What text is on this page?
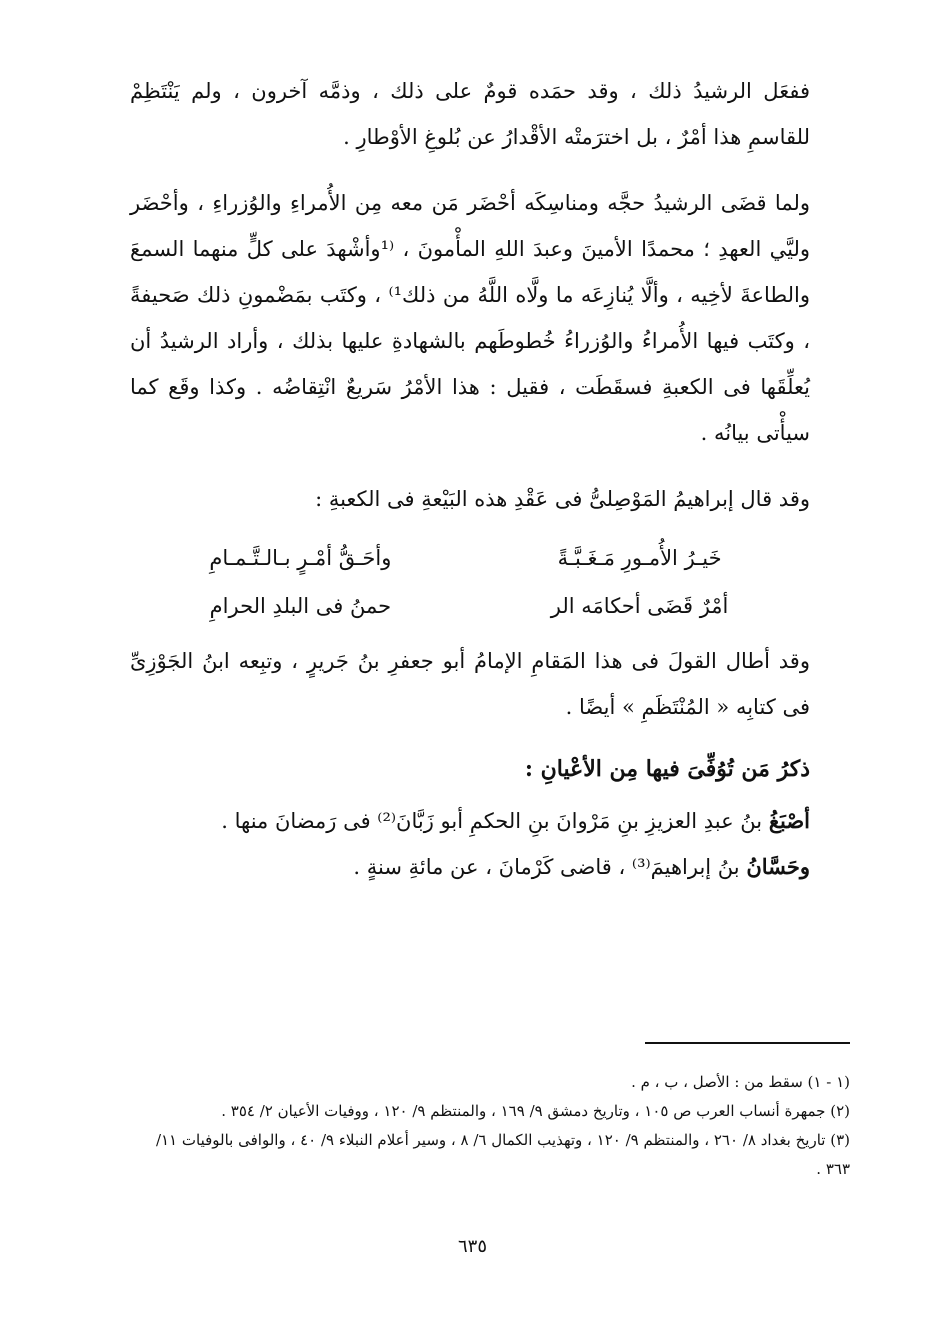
ففعَل الرشيدُ ذلك ، وقد حمَده قومٌ على ذلك ، وذمَّه آخرون ، ولم يَنْتَظِمْ للقاسمِ هذا أمْرٌ ، بل اخترَمتْه الأقْدارُ عن بُلوغِ الأوْطارِ .

ولما قضَى الرشيدُ حجَّه ومناسِكَه أحْضَر مَن معه مِن الأُمراءِ والوُزراءِ ، وأحْضَر وليَّي العهدِ ؛ محمدًا الأمينَ وعبدَ اللهِ المأْمونَ ، ⁽¹وأشْهدَ على كلٍّ منهما السمعَ والطاعةَ لأخِيه ، وألَّا يُنازِعَه ما ولَّاه اللَّهُ من ذلك¹⁾ ، وكتَب بمَضْمونِ ذلك صَحيفةً ، وكتَب فيها الأُمراءُ والوُزراءُ خُطوطَهم بالشهادةِ عليها بذلك ، وأراد الرشيدُ أن يُعلِّقَها فى الكعبةِ فسقَطَت ، فقيل : هذا الأمْرُ سَريعٌ انْتِقاضُه . وكذا وقَع كما سيأْتى بيانُه .

وقد قال إبراهيمُ المَوْصِلىُّ فى عَقْدِ هذه البَيْعةِ فى الكعبةِ :

خَيـرُ الأُمـورِ مَـغَـبَّـةً
وأحَـقُّ أمْـرٍ بـالـتَّـمـامِ
أمْرٌ قَضَى أحكامَه الر
حمنُ فى البلدِ الحرامِ

وقد أطال القولَ فى هذا المَقامِ الإمامُ أبو جعفرِ بنُ جَريرٍ ، وتبِعه ابنُ الجَوْزِىِّ فى كتابِه « المُنْتَظَمِ » أيضًا .

ذكرُ مَن تُوُفِّىَ فيها مِن الأعْيانِ :

أصْبَغُ بنُ عبدِ العزيزِ بنِ مَرْوانَ بنِ الحكمِ أبو زَبَّانَ⁽²⁾ فى رَمضانَ منها .

وحَسَّانُ بنُ إبراهيمَ⁽³⁾ ، قاضى كَرْمانَ ، عن مائةِ سنةٍ .

(١ - ١) سقط من : الأصل ، ب ، م .

(٢) جمهرة أنساب العرب ص ١٠٥ ، وتاريخ دمشق ٩/ ١٦٩ ، والمنتظم ٩/ ١٢٠ ، ووفيات الأعيان ٢/ ٣٥٤ .

(٣) تاريخ بغداد ٨/ ٢٦٠ ، والمنتظم ٩/ ١٢٠ ، وتهذيب الكمال ٦/ ٨ ، وسير أعلام النبلاء ٩/ ٤٠ ، والوافى بالوفيات ١١/ ٣٦٣ .

٦٣٥
